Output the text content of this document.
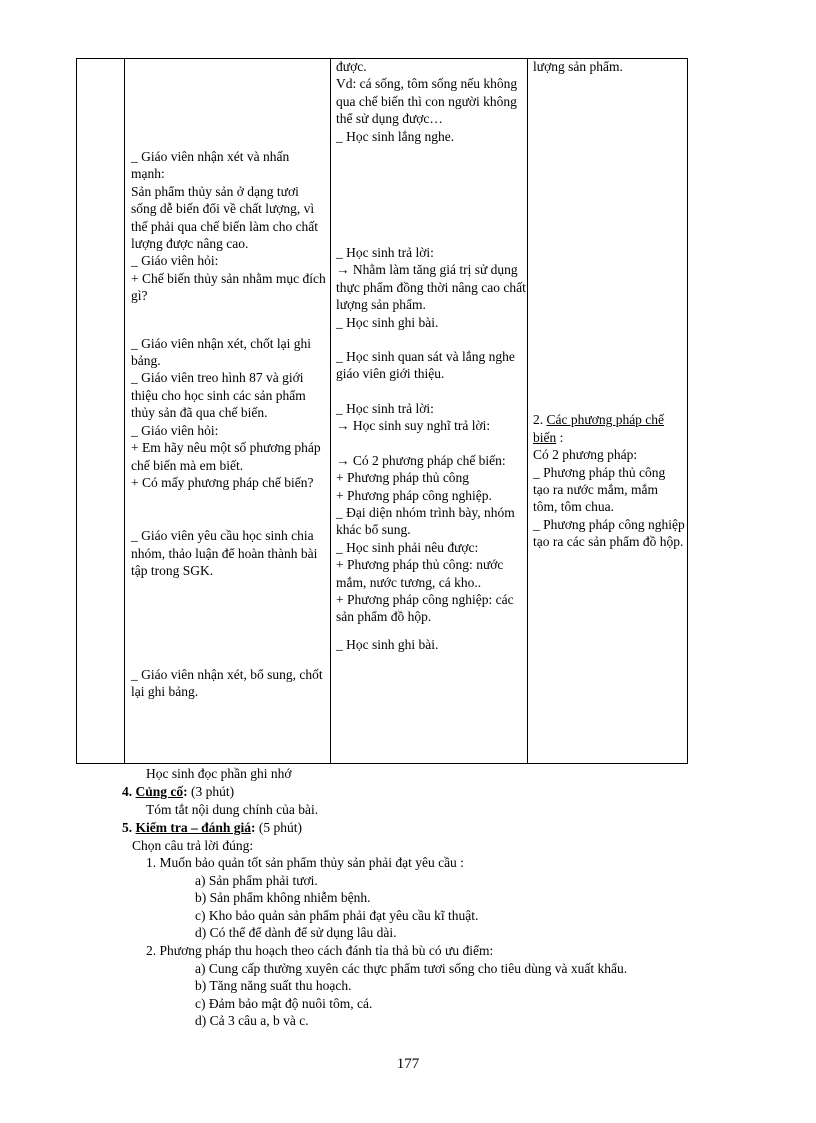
_ Giáo viên nhận xét và nhấn mạnh:

Sản phẩm thủy sản ở dạng tươi sống dễ biến đổi về chất lượng, vì thế phải qua chế biến làm cho chất lượng được nâng cao.

_ Giáo viên hỏi:

+ Chế biến thủy sản nhằm mục đích gì?

_ Giáo viên nhận xét, chốt lại ghi bảng.

_ Giáo viên treo hình 87 và giới thiệu cho học sinh các sản phẩm thủy sản đã qua chế biến.

_ Giáo viên hỏi:

+ Em hãy nêu một số phương pháp chế biến mà em biết.

+ Có mấy phương pháp chế biến?

_ Giáo viên yêu cầu học sinh chia nhóm, thảo luận để hoàn thành bài tập trong SGK.

_ Giáo viên nhận xét, bổ sung, chốt lại ghi bảng.

được.

Vd: cá sống, tôm sống nếu không qua chế biến thì con người không thể sử dụng được…

_ Học sinh lắng nghe.

_ Học sinh trả lời:

→ Nhằm làm tăng giá trị sử dụng thực phẩm đồng thời nâng cao chất lượng sản phẩm.

_ Học sinh ghi bài.

_ Học sinh quan sát và lắng nghe giáo viên giới thiệu.

_ Học sinh trả lời:

→ Học sinh suy nghĩ trả lời:

→ Có 2 phương pháp chế biến:

+ Phương pháp thủ công

+ Phương pháp công nghiệp.

_ Đại diện nhóm trình bày, nhóm khác bổ sung.

_ Học sinh phải nêu được:

+ Phương pháp thủ công: nước mắm, nước tương, cá kho..

+ Phương pháp công nghiệp: các sản phẩm đồ hộp.

_ Học sinh ghi bài.

lượng sản phẩm.

2. Các phương pháp chế biến :

Có 2 phương pháp:

_ Phương pháp thủ công tạo ra nước mắm, mắm tôm, tôm chua.

_ Phương pháp công nghiệp tạo ra các sản phẩm đồ hộp.

Học sinh đọc phần ghi nhớ
4. Củng cố: (3 phút)
Tóm tắt nội dung chính của bài.
5. Kiểm tra – đánh giá: (5 phút)
Chọn câu trả lời đúng:
1. Muốn bảo quản tốt sản phẩm thủy sản phải đạt yêu cầu :
a) Sản phẩm phải tươi.
b) Sản phẩm không nhiễm bệnh.
c) Kho bảo quản sản phẩm phải đạt yêu cầu kĩ thuật.
d) Có thể để dành để sử dụng lâu dài.
2. Phương pháp thu hoạch theo cách đánh tỉa thả bù có ưu điểm:
a) Cung cấp thường xuyên các thực phẩm tươi sống cho tiêu dùng và xuất khẩu.
b) Tăng năng suất thu hoạch.
c) Đảm bảo mật độ nuôi tôm, cá.
d) Cả 3 câu a, b và c.
177
